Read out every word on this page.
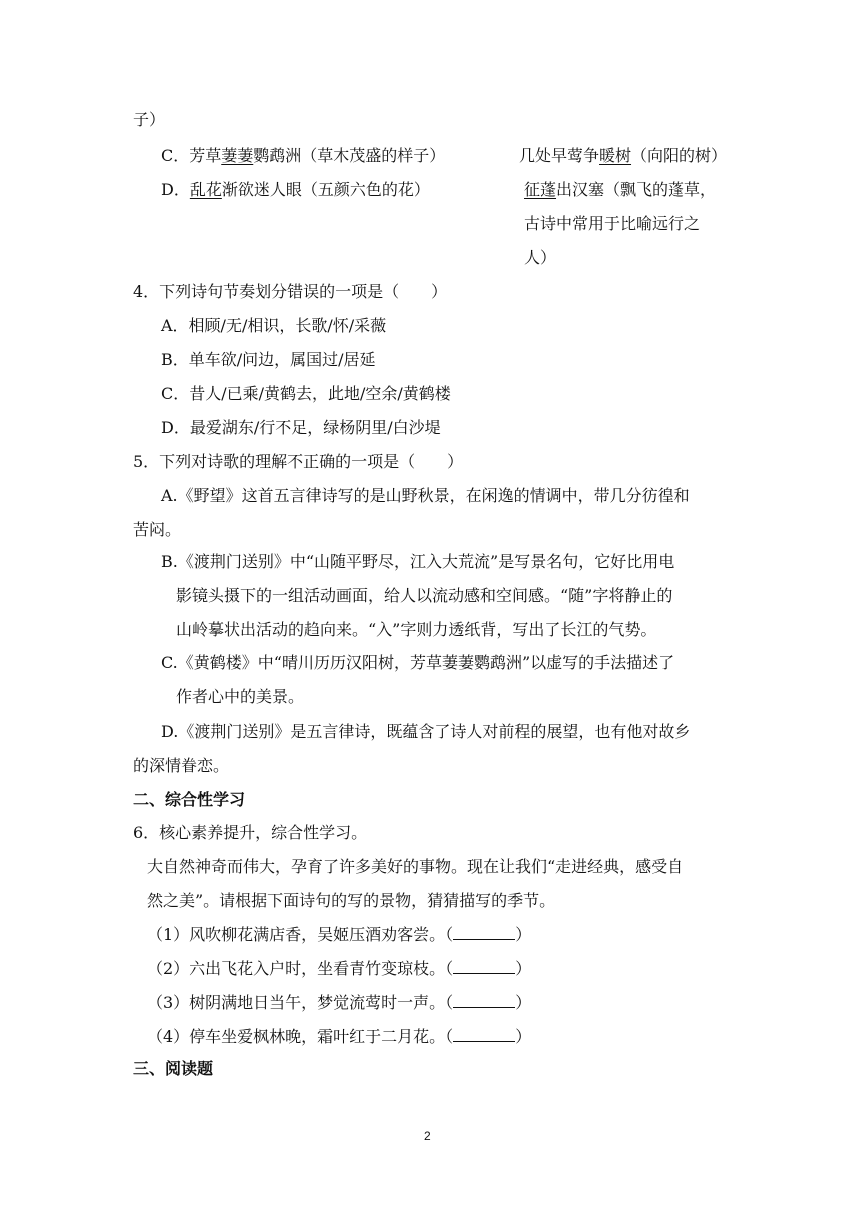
子）
C．芳草萋萋鹦鹉洲（草木茂盛的样子）	几处早莺争暖树（向阳的树）
D．乱花渐欲迷人眼（五颜六色的花）	征蓬出汉塞（飘飞的蓬草，
古诗中常用于比喻远行之
人）
4．下列诗句节奏划分错误的一项是（　　）
A．相顾/无/相识，长歌/怀/采薇
B．单车欲/问边，属国过/居延
C．昔人/已乘/黄鹤去，此地/空余/黄鹤楼
D．最爱湖东/行不足，绿杨阴里/白沙堤
5．下列对诗歌的理解不正确的一项是（　　）
A.《野望》这首五言律诗写的是山野秋景，在闲逸的情调中，带几分彷徨和
苦闷。
B.《渡荆门送别》中“山随平野尽，江入大荒流”是写景名句，它好比用电
影镜头摄下的一组活动画面，给人以流动感和空间感。“随”字将静止的
山岭摹状出活动的趋向来。“入”字则力透纸背，写出了长江的气势。
C.《黄鹤楼》中“晴川历历汉阳树，芳草萋萋鹦鹉洲”以虚写的手法描述了
作者心中的美景。
D.《渡荆门送别》是五言律诗，既蕴含了诗人对前程的展望，也有他对故乡
的深情眷恋。
二、综合性学习
6．核心素养提升，综合性学习。
大自然神奇而伟大，孕育了许多美好的事物。现在让我们“走进经典，感受自
然之美”。请根据下面诗句的写的景物，猜猜描写的季节。
（1）风吹柳花满店香，吴姬压酒劝客尝。（	）
（2）六出飞花入户时，坐看青竹变琼枝。（	）
（3）树阴满地日当午，梦觉流莺时一声。（	）
（4）停车坐爱枫林晚，霜叶红于二月花。（	）
三、阅读题
2
